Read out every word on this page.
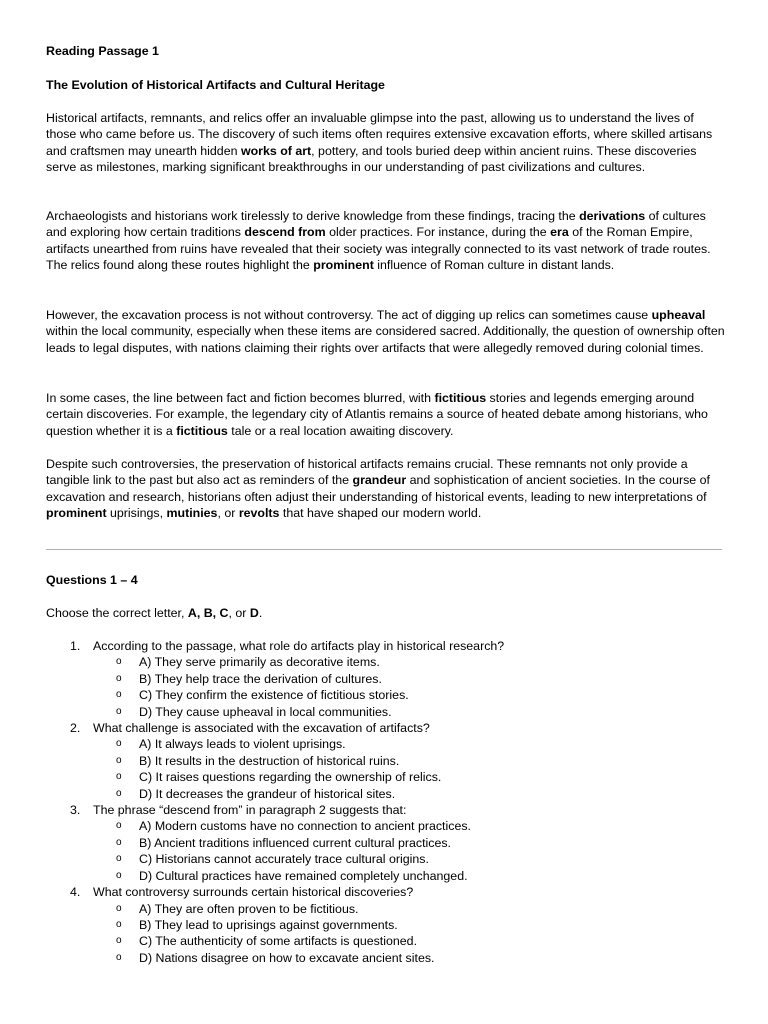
Reading Passage 1

The Evolution of Historical Artifacts and Cultural Heritage

Historical artifacts, remnants, and relics offer an invaluable glimpse into the past, allowing us to understand the lives of those who came before us. The discovery of such items often requires extensive excavation efforts, where skilled artisans and craftsmen may unearth hidden works of art, pottery, and tools buried deep within ancient ruins. These discoveries serve as milestones, marking significant breakthroughs in our understanding of past civilizations and cultures.

Archaeologists and historians work tirelessly to derive knowledge from these findings, tracing the derivations of cultures and exploring how certain traditions descend from older practices. For instance, during the era of the Roman Empire, artifacts unearthed from ruins have revealed that their society was integrally connected to its vast network of trade routes. The relics found along these routes highlight the prominent influence of Roman culture in distant lands.

However, the excavation process is not without controversy. The act of digging up relics can sometimes cause upheaval within the local community, especially when these items are considered sacred. Additionally, the question of ownership often leads to legal disputes, with nations claiming their rights over artifacts that were allegedly removed during colonial times.

In some cases, the line between fact and fiction becomes blurred, with fictitious stories and legends emerging around certain discoveries. For example, the legendary city of Atlantis remains a source of heated debate among historians, who question whether it is a fictitious tale or a real location awaiting discovery.

Despite such controversies, the preservation of historical artifacts remains crucial. These remnants not only provide a tangible link to the past but also act as reminders of the grandeur and sophistication of ancient societies. In the course of excavation and research, historians often adjust their understanding of historical events, leading to new interpretations of prominent uprisings, mutinies, or revolts that have shaped our modern world.

Questions 1 – 4

Choose the correct letter, A, B, C, or D.

1. According to the passage, what role do artifacts play in historical research?
o A) They serve primarily as decorative items.
o B) They help trace the derivation of cultures.
o C) They confirm the existence of fictitious stories.
o D) They cause upheaval in local communities.
2. What challenge is associated with the excavation of artifacts?
o A) It always leads to violent uprisings.
o B) It results in the destruction of historical ruins.
o C) It raises questions regarding the ownership of relics.
o D) It decreases the grandeur of historical sites.
3. The phrase “descend from” in paragraph 2 suggests that:
o A) Modern customs have no connection to ancient practices.
o B) Ancient traditions influenced current cultural practices.
o C) Historians cannot accurately trace cultural origins.
o D) Cultural practices have remained completely unchanged.
4. What controversy surrounds certain historical discoveries?
o A) They are often proven to be fictitious.
o B) They lead to uprisings against governments.
o C) The authenticity of some artifacts is questioned.
o D) Nations disagree on how to excavate ancient sites.
